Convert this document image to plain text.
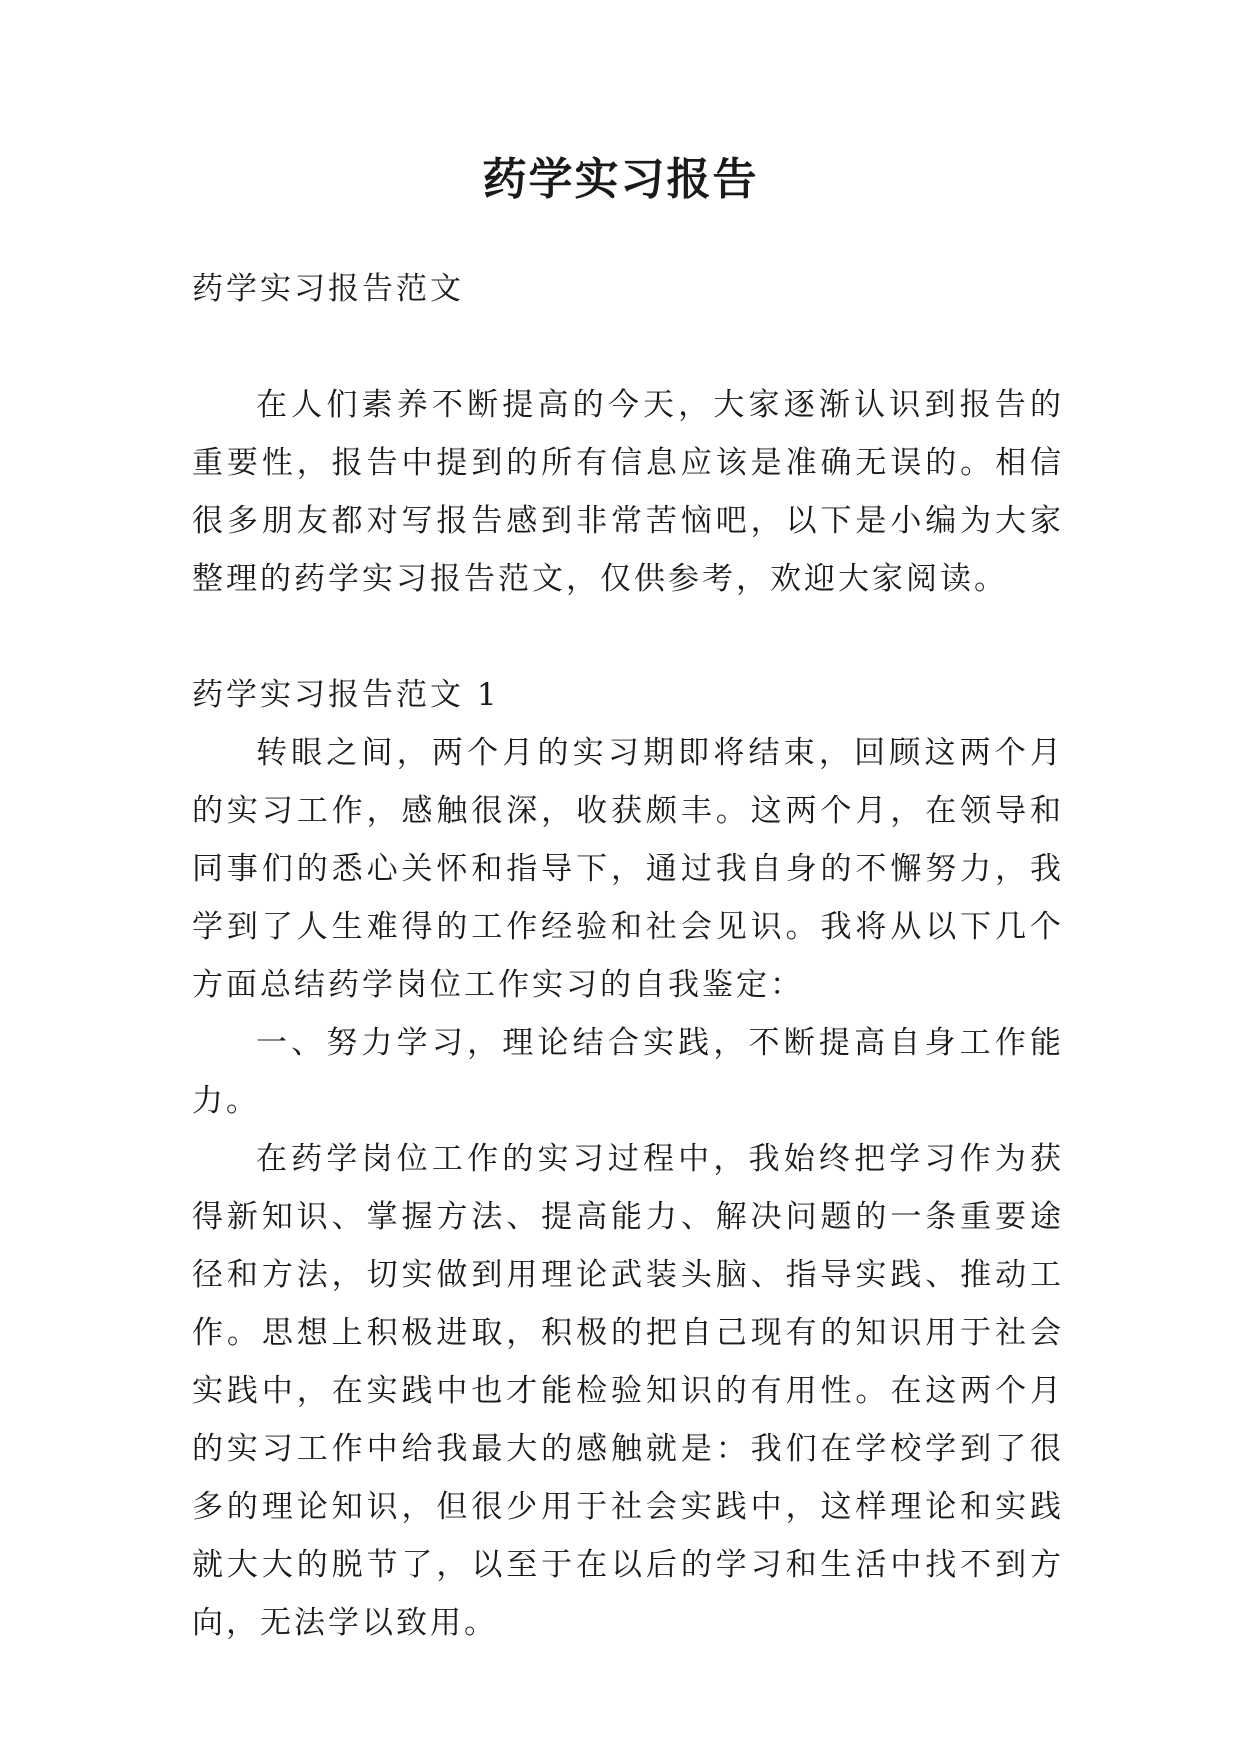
药学实习报告

药学实习报告范文

在人们素养不断提高的今天，大家逐渐认识到报告的重要性，报告中提到的所有信息应该是准确无误的。相信很多朋友都对写报告感到非常苦恼吧，以下是小编为大家整理的药学实习报告范文，仅供参考，欢迎大家阅读。

药学实习报告范文 1

转眼之间，两个月的实习期即将结束，回顾这两个月的实习工作，感触很深，收获颇丰。这两个月，在领导和同事们的悉心关怀和指导下，通过我自身的不懈努力，我学到了人生难得的工作经验和社会见识。我将从以下几个方面总结药学岗位工作实习的自我鉴定：

一、努力学习，理论结合实践，不断提高自身工作能力。

在药学岗位工作的实习过程中，我始终把学习作为获得新知识、掌握方法、提高能力、解决问题的一条重要途径和方法，切实做到用理论武装头脑、指导实践、推动工作。思想上积极进取，积极的把自己现有的知识用于社会实践中，在实践中也才能检验知识的有用性。在这两个月的实习工作中给我最大的感触就是：我们在学校学到了很多的理论知识，但很少用于社会实践中，这样理论和实践就大大的脱节了，以至于在以后的学习和生活中找不到方向，无法学以致用。
